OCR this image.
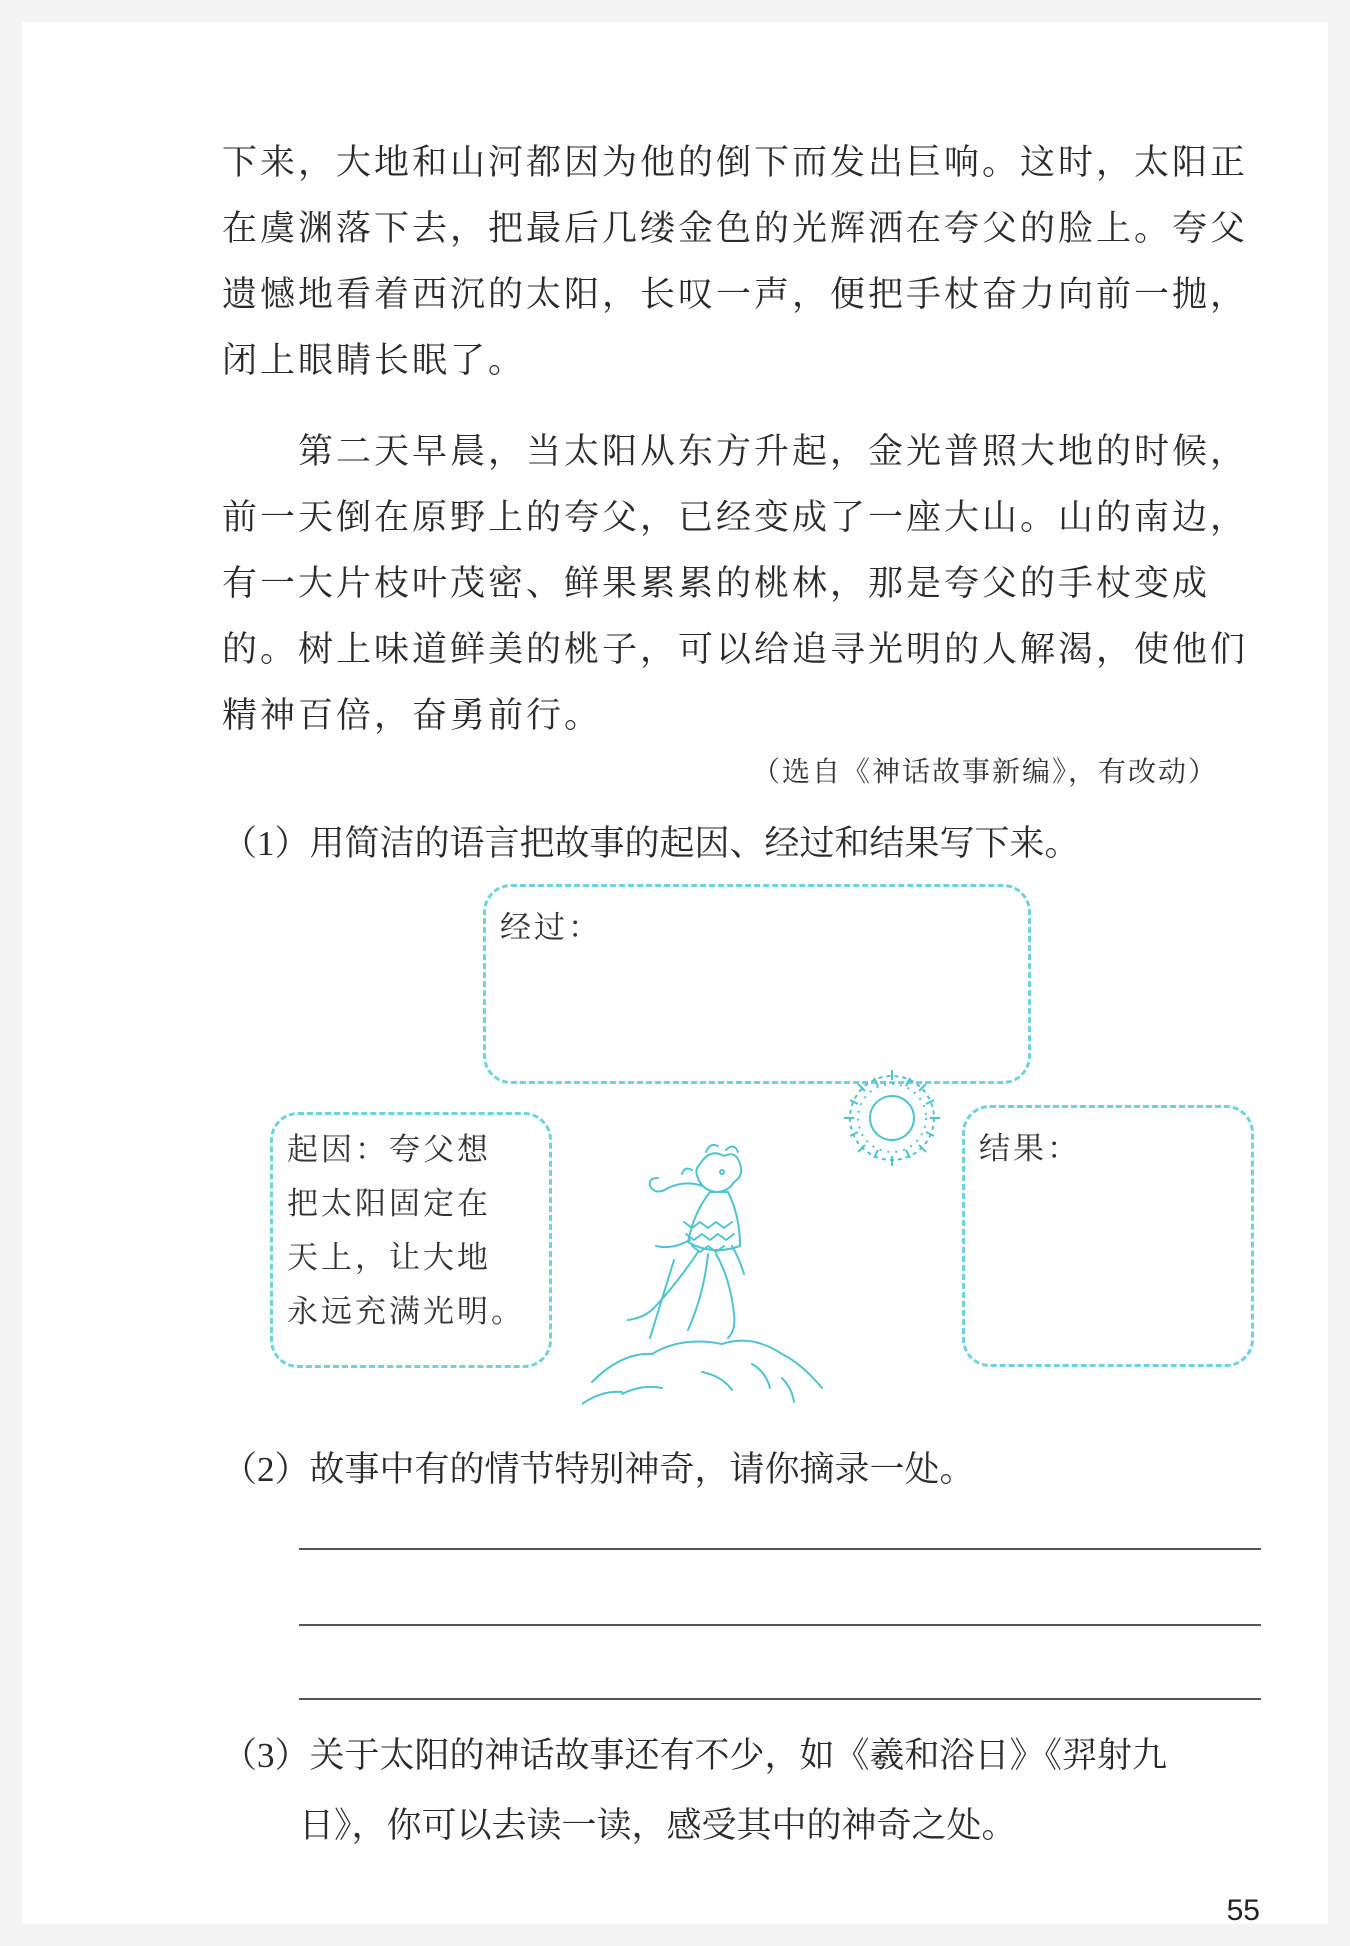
下来，大地和山河都因为他的倒下而发出巨响。这时，太阳正
在虞渊落下去，把最后几缕金色的光辉洒在夸父的脸上。夸父
遗憾地看着西沉的太阳，长叹一声，便把手杖奋力向前一抛，
闭上眼睛长眠了。
　　第二天早晨，当太阳从东方升起，金光普照大地的时候，
前一天倒在原野上的夸父，已经变成了一座大山。山的南边，
有一大片枝叶茂密、鲜果累累的桃林，那是夸父的手杖变成
的。树上味道鲜美的桃子，可以给追寻光明的人解渴，使他们
精神百倍，奋勇前行。
（选自《神话故事新编》，有改动）
（1）用简洁的语言把故事的起因、经过和结果写下来。
经过：
起因：夸父想
把太阳固定在
天上，让大地
永远充满光明。
结果：
（2）故事中有的情节特别神奇，请你摘录一处。
（3）关于太阳的神话故事还有不少，如《羲和浴日》《羿射九
日》，你可以去读一读，感受其中的神奇之处。
55
